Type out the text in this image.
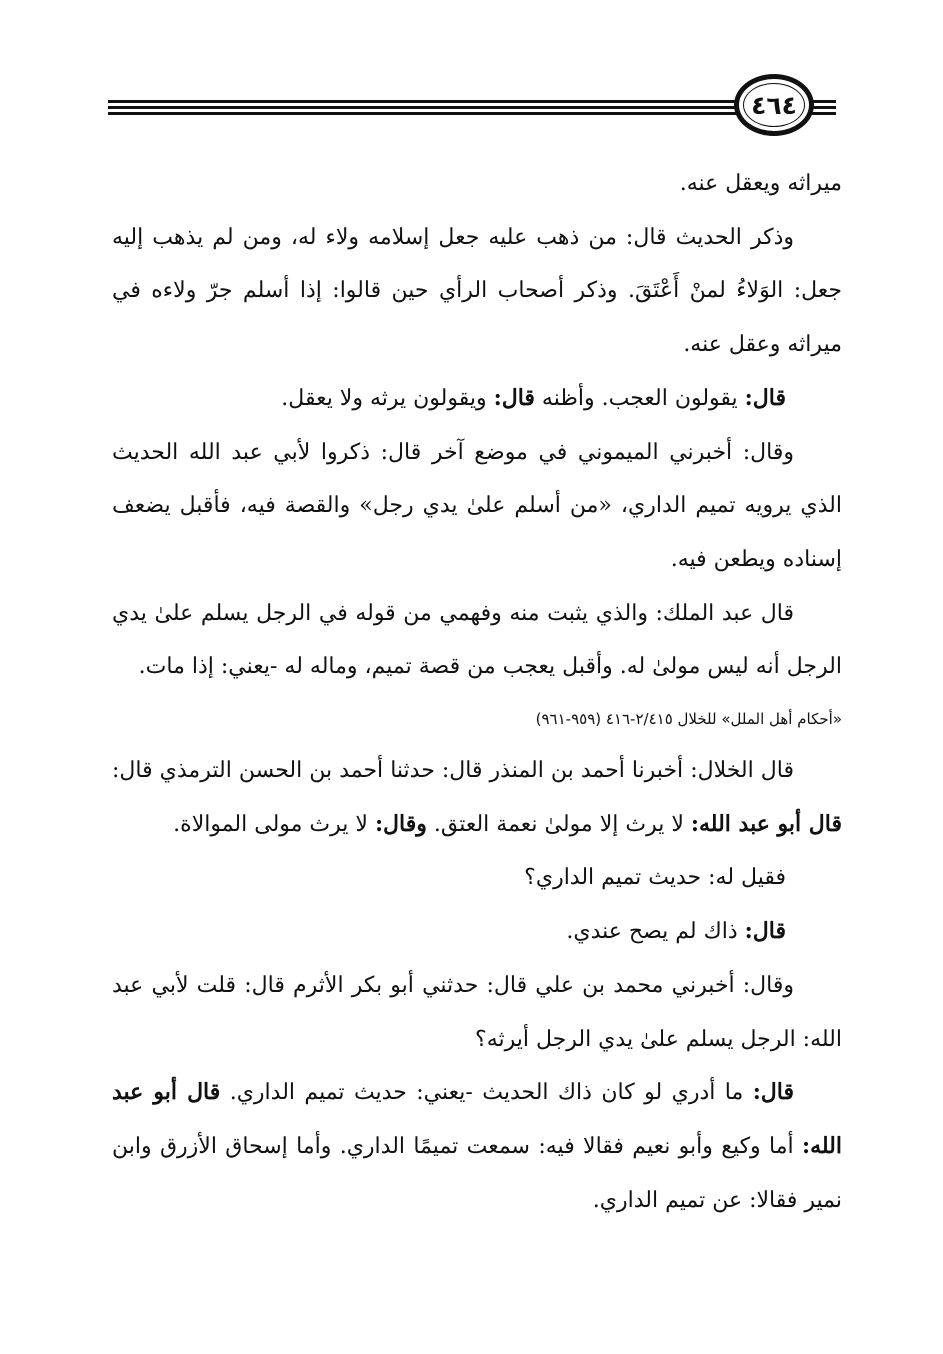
٤٦٤

ميراثه ويعقل عنه.

وذكر الحديث قال: من ذهب عليه جعل إسلامه ولاء له، ومن لم يذهب إليه جعل: الوَلاءُ لمنْ أَعْتَقَ. وذكر أصحاب الرأي حين قالوا: إذا أسلم جرّ ولاءه في ميراثه وعقل عنه.

قال: يقولون العجب. وأظنه قال: ويقولون يرثه ولا يعقل.

وقال: أخبرني الميموني في موضع آخر قال: ذكروا لأبي عبد الله الحديث الذي يرويه تميم الداري، «من أسلم علىٰ يدي رجل» والقصة فيه، فأقبل يضعف إسناده ويطعن فيه.

قال عبد الملك: والذي يثبت منه وفهمي من قوله في الرجل يسلم علىٰ يدي الرجل أنه ليس مولىٰ له. وأقبل يعجب من قصة تميم، وماله له -يعني: إذا مات.

«أحكام أهل الملل» للخلال ٢/٤١٥-٤١٦ (٩٥٩-٩٦١)

قال الخلال: أخبرنا أحمد بن المنذر قال: حدثنا أحمد بن الحسن الترمذي قال: قال أبو عبد الله: لا يرث إلا مولىٰ نعمة العتق. وقال: لا يرث مولى الموالاة.

فقيل له: حديث تميم الداري؟

قال: ذاك لم يصح عندي.

وقال: أخبرني محمد بن علي قال: حدثني أبو بكر الأثرم قال: قلت لأبي عبد الله: الرجل يسلم علىٰ يدي الرجل أيرثه؟

قال: ما أدري لو كان ذاك الحديث -يعني: حديث تميم الداري. قال أبو عبد الله: أما وكيع وأبو نعيم فقالا فيه: سمعت تميمًا الداري. وأما إسحاق الأزرق وابن نمير فقالا: عن تميم الداري.
